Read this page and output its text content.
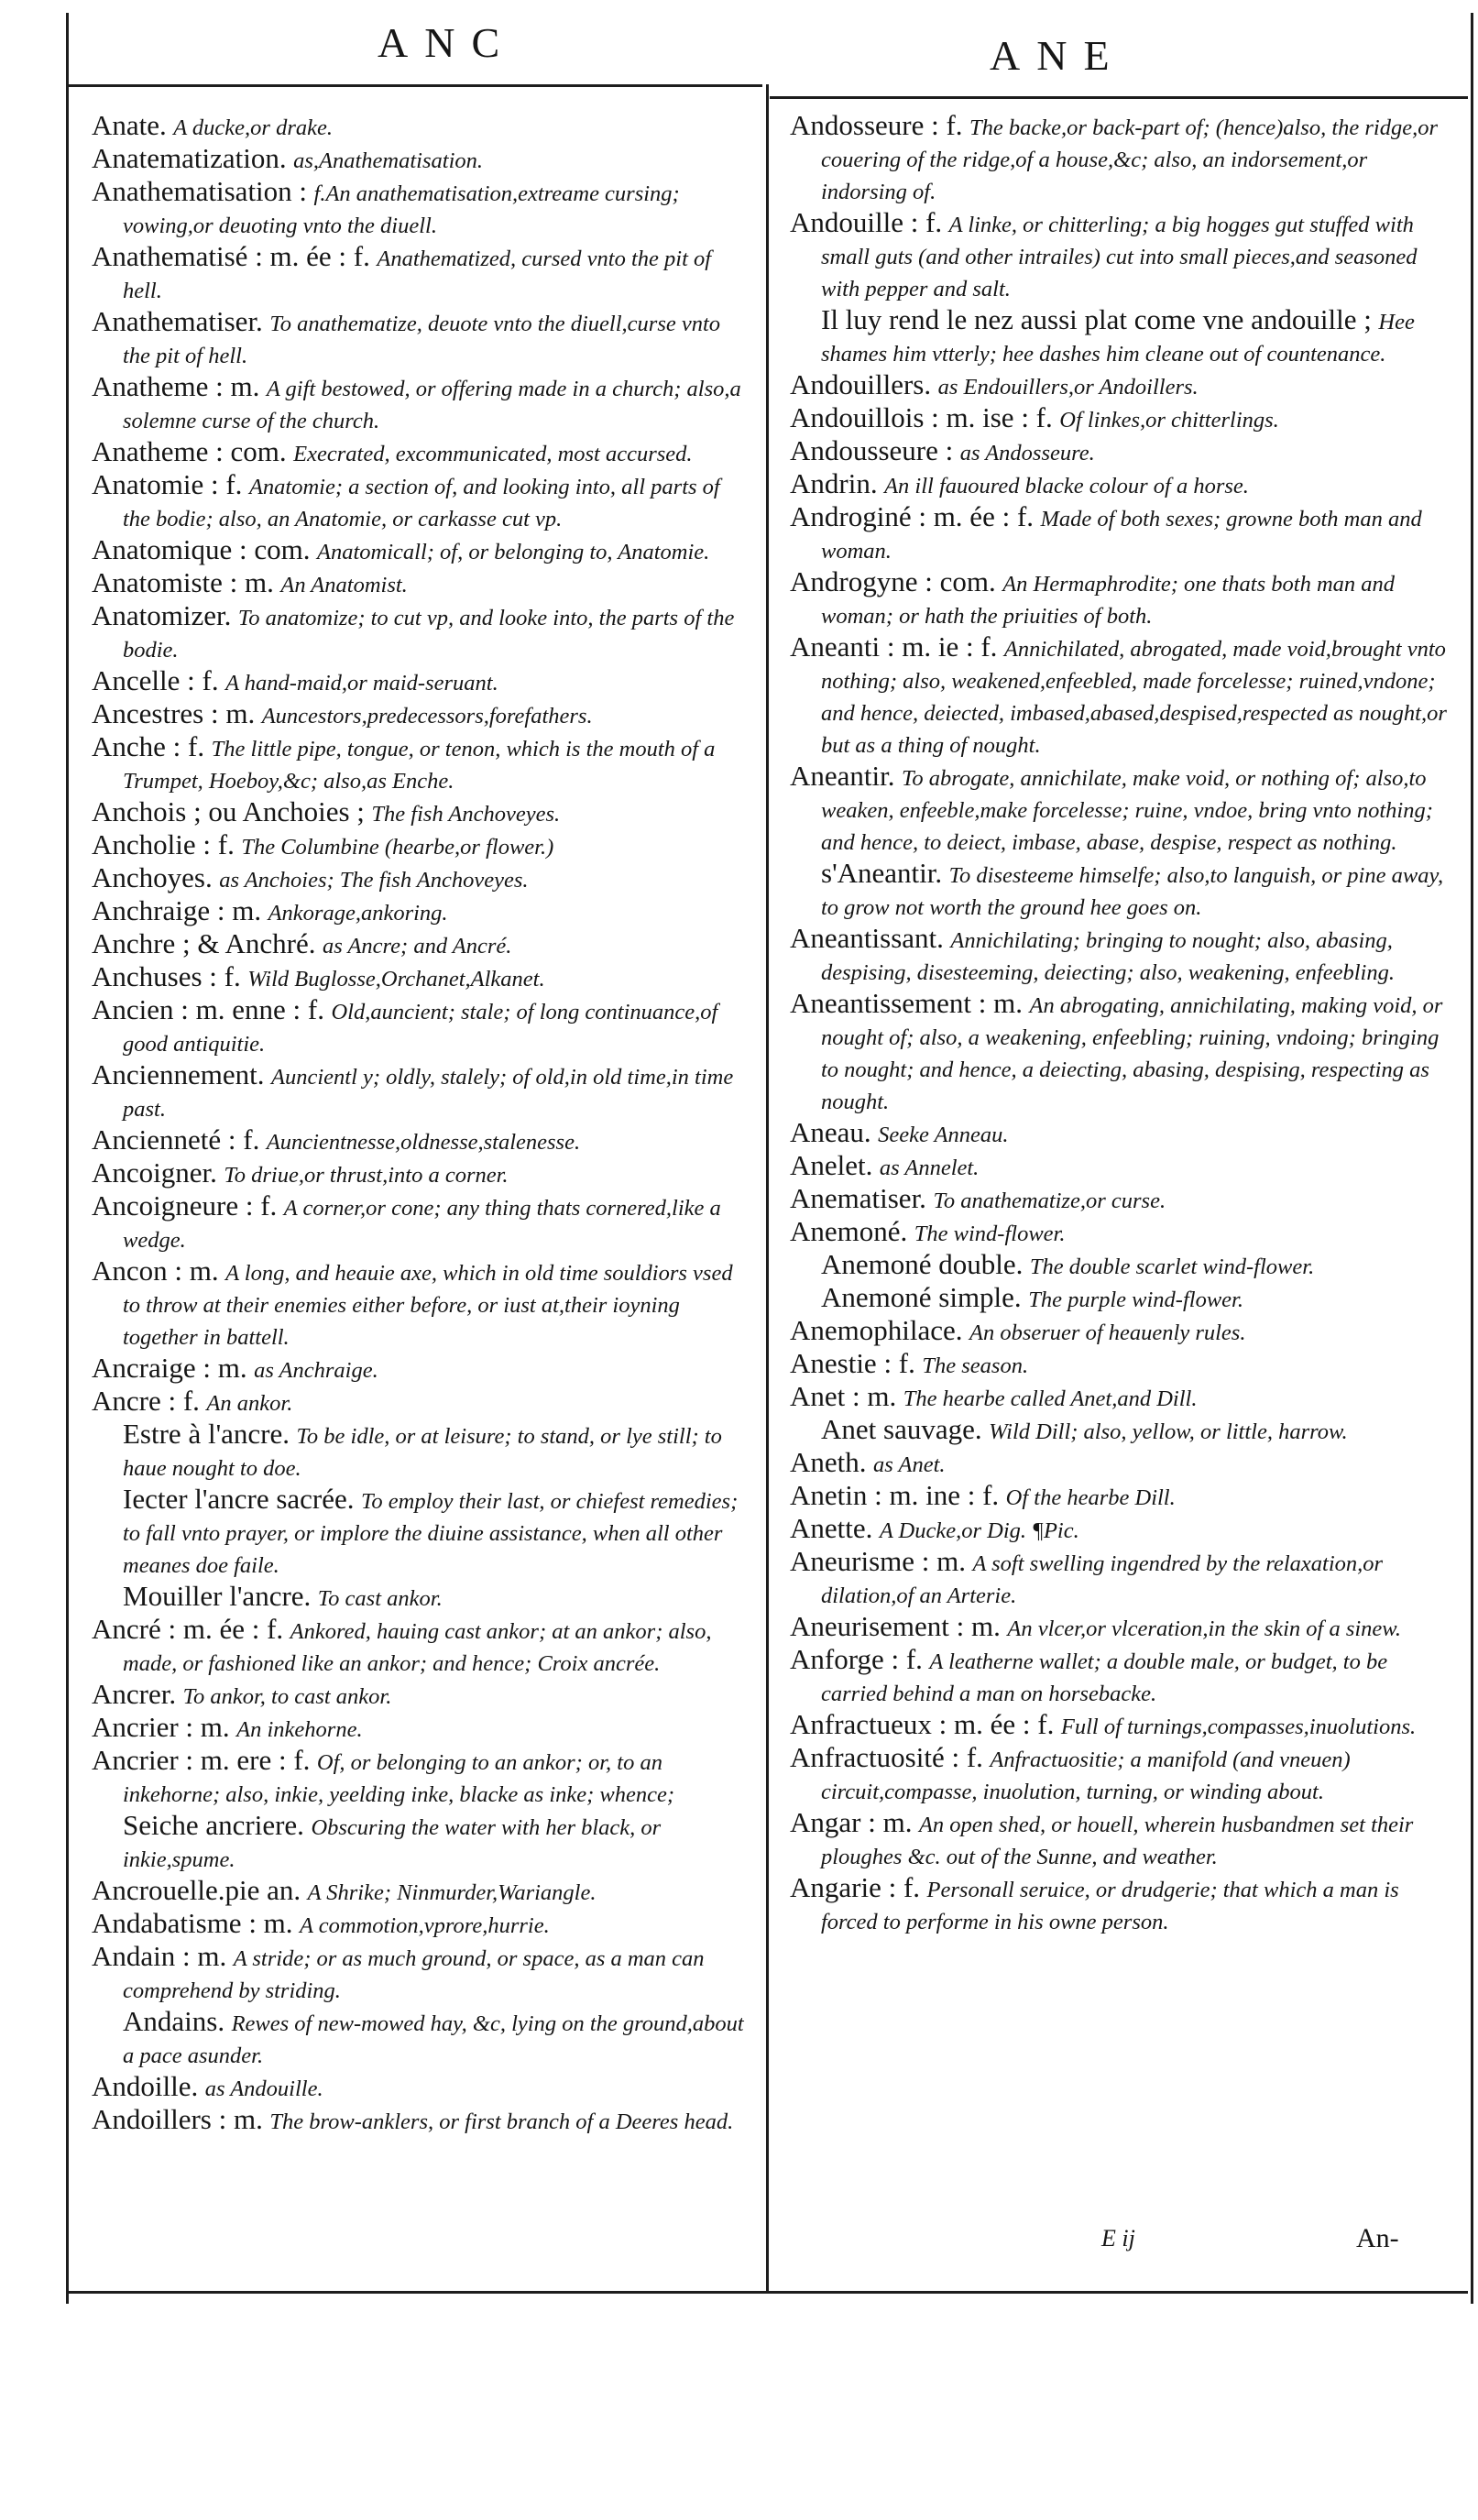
ANC	ANE

Anate. A ducke,or drake.

Anatematization. as,Anathematisation.

Anathematisation : f.An anathematisation,extreame cursing; vowing,or deuoting vnto the diuell.

Anathematisé : m. ée : f. Anathematized, cursed vnto the pit of hell.

Anathematiser. To anathematize, deuote vnto the diuell,curse vnto the pit of hell.

Anatheme : m. A gift bestowed, or offering made in a church; also,a solemne curse of the church.

Anatheme : com. Execrated, excommunicated, most accursed.

Anatomie : f. Anatomie; a section of, and looking into, all parts of the bodie; also, an Anatomie, or carkasse cut vp.

Anatomique : com. Anatomicall; of, or belonging to, Anatomie.

Anatomiste : m. An Anatomist.

Anatomizer. To anatomize; to cut vp, and looke into, the parts of the bodie.

Ancelle : f. A hand-maid,or maid-seruant.

Ancestres : m. Auncestors,predecessors,forefathers.

Anche : f. The little pipe, tongue, or tenon, which is the mouth of a Trumpet, Hoeboy,&c; also,as Enche.

Anchois ; ou Anchoies ; The fish Anchoveyes.

Ancholie : f. The Columbine (hearbe,or flower.)

Anchoyes. as Anchoies; The fish Anchoveyes.

Anchraige : m. Ankorage,ankoring.

Anchre ; & Anchré. as Ancre; and Ancré.

Anchuses : f. Wild Buglosse,Orchanet,Alkanet.

Ancien : m. enne : f. Old,auncient; stale; of long continuance,of good antiquitie.

Anciennement. Auncientl y; oldly, stalely; of old,in old time,in time past.

Ancienneté : f. Auncientnesse,oldnesse,stalenesse.

Ancoigner. To driue,or thrust,into a corner.

Ancoigneure : f. A corner,or cone; any thing thats cornered,like a wedge.

Ancon : m. A long, and heauie axe, which in old time souldiors vsed to throw at their enemies either before, or iust at,their ioyning together in battell.

Ancraige : m. as Anchraige.

Ancre : f. An ankor.

Estre à l'ancre. To be idle, or at leisure; to stand, or lye still; to haue nought to doe.

Iecter l'ancre sacrée. To employ their last, or chiefest remedies; to fall vnto prayer, or implore the diuine assistance, when all other meanes doe faile.

Mouiller l'ancre. To cast ankor.

Ancré : m. ée : f. Ankored, hauing cast ankor; at an ankor; also, made, or fashioned like an ankor; and hence; Croix ancrée.

Ancrer. To ankor, to cast ankor.

Ancrier : m. An inkehorne.

Ancrier : m. ere : f. Of, or belonging to an ankor; or, to an inkehorne; also, inkie, yeelding inke, blacke as inke; whence;

Seiche ancriere. Obscuring the water with her black, or inkie,spume.

Ancrouelle.pie an. A Shrike; Ninmurder,Wariangle.

Andabatisme : m. A commotion,vprore,hurrie.

Andain : m. A stride; or as much ground, or space, as a man can comprehend by striding.

Andains. Rewes of new-mowed hay, &c, lying on the ground,about a pace asunder.

Andoille. as Andouille.

Andoillers : m. The brow-anklers, or first branch of a Deeres head.

Andosseure : f. The backe,or back-part of; (hence)also, the ridge,or couering of the ridge,of a house,&c; also, an indorsement,or indorsing of.

Andouille : f. A linke, or chitterling; a big hogges gut stuffed with small guts (and other intrailes) cut into small pieces,and seasoned with pepper and salt.

Il luy rend le nez aussi plat come vne andouille ; Hee shames him vtterly; hee dashes him cleane out of countenance.

Andouillers. as Endouillers,or Andoillers.

Andouillois : m. ise : f. Of linkes,or chitterlings.

Andousseure : as Andosseure.

Andrin. An ill fauoured blacke colour of a horse.

Androginé : m. ée : f. Made of both sexes; growne both man and woman.

Androgyne : com. An Hermaphrodite; one thats both man and woman; or hath the priuities of both.

Aneanti : m. ie : f. Annichilated, abrogated, made void,brought vnto nothing; also, weakened,enfeebled, made forcelesse; ruined,vndone; and hence, deiected, imbased,abased,despised,respected as nought,or but as a thing of nought.

Aneantir. To abrogate, annichilate, make void, or nothing of; also,to weaken, enfeeble,make forcelesse; ruine, vndoe, bring vnto nothing; and hence, to deiect, imbase, abase, despise, respect as nothing.

s'Aneantir. To disesteeme himselfe; also,to languish, or pine away, to grow not worth the ground hee goes on.

Aneantissant. Annichilating; bringing to nought; also, abasing, despising, disesteeming, deiecting; also, weakening, enfeebling.

Aneantissement : m. An abrogating, annichilating, making void, or nought of; also, a weakening, enfeebling; ruining, vndoing; bringing to nought; and hence, a deiecting, abasing, despising, respecting as nought.

Aneau. Seeke Anneau.

Anelet. as Annelet.

Anematiser. To anathematize,or curse.

Anemoné. The wind-flower.

Anemoné double. The double scarlet wind-flower.

Anemoné simple. The purple wind-flower.

Anemophilace. An obseruer of heauenly rules.

Anestie : f. The season.

Anet : m. The hearbe called Anet,and Dill.

Anet sauvage. Wild Dill; also, yellow, or little, harrow.

Aneth. as Anet.

Anetin : m. ine : f. Of the hearbe Dill.

Anette. A Ducke,or Dig. ¶Pic.

Aneurisme : m. A soft swelling ingendred by the relaxation,or dilation,of an Arterie.

Aneurisement : m. An vlcer,or vlceration,in the skin of a sinew.

Anforge : f. A leatherne wallet; a double male, or budget, to be carried behind a man on horsebacke.

Anfractueux : m. ée : f. Full of turnings,compasses,inuolutions.

Anfractuosité : f. Anfractuositie; a manifold (and vneuen) circuit,compasse, inuolution, turning, or winding about.

Angar : m. An open shed, or houell, wherein husbandmen set their ploughes &c. out of the Sunne, and weather.

Angarie : f. Personall seruice, or drudgerie; that which a man is forced to performe in his owne person.

E ij	An-
